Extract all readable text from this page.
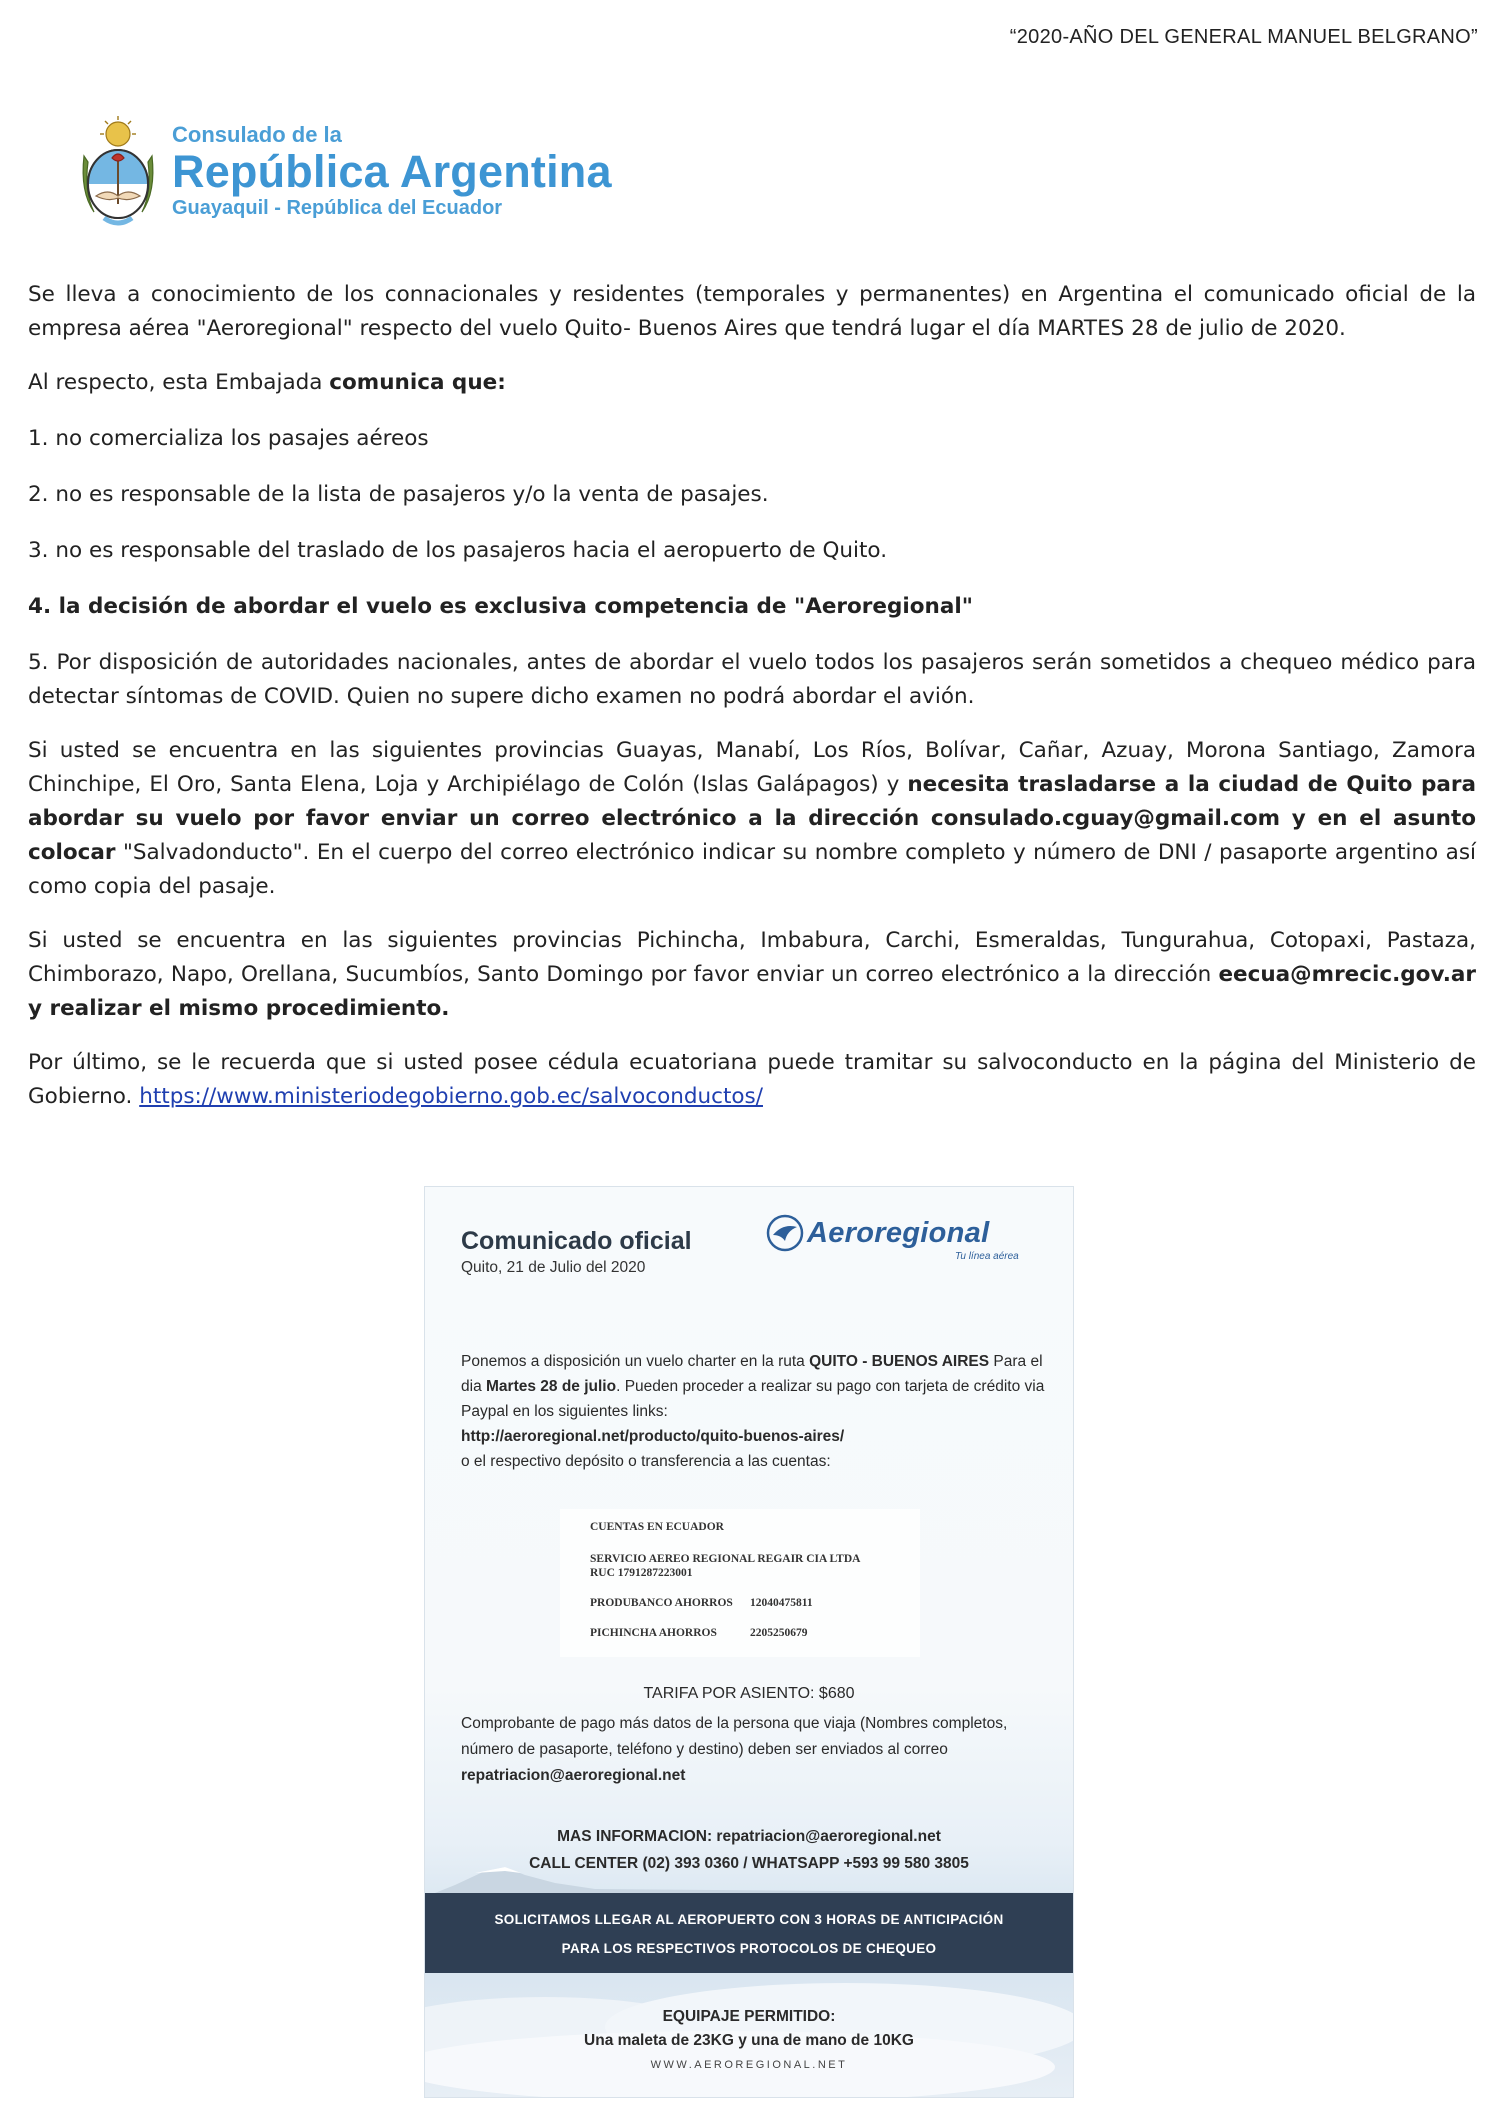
“2020-AÑO DEL GENERAL MANUEL BELGRANO”
Consulado de la
República Argentina
Guayaquil - República del Ecuador

Se lleva a conocimiento de los connacionales y residentes (temporales y permanentes) en Argentina el comunicado oficial de la empresa aérea "Aeroregional" respecto del vuelo Quito- Buenos Aires que tendrá lugar el día MARTES 28 de julio de 2020.

Al respecto, esta Embajada comunica que:

1. no comercializa los pasajes aéreos

2. no es responsable de la lista de pasajeros y/o la venta de pasajes.

3. no es responsable del traslado de los pasajeros hacia el aeropuerto de Quito.

4. la decisión de abordar el vuelo es exclusiva competencia de "Aeroregional"

5. Por disposición de autoridades nacionales, antes de abordar el vuelo todos los pasajeros serán sometidos a chequeo médico para detectar síntomas de COVID. Quien no supere dicho examen no podrá abordar el avión.

Si usted se encuentra en las siguientes provincias Guayas, Manabí, Los Ríos, Bolívar, Cañar, Azuay, Morona Santiago, Zamora Chinchipe, El Oro, Santa Elena, Loja y Archipiélago de Colón (Islas Galápagos) y necesita trasladarse a la ciudad de Quito para abordar su vuelo por favor enviar un correo electrónico a la dirección consulado.cguay@gmail.com y en el asunto colocar "Salvadonducto". En el cuerpo del correo electrónico indicar su nombre completo y número de DNI / pasaporte argentino así como copia del pasaje.

Si usted se encuentra en las siguientes provincias Pichincha, Imbabura, Carchi, Esmeraldas, Tungurahua, Cotopaxi, Pastaza, Chimborazo, Napo, Orellana, Sucumbíos, Santo Domingo por favor enviar un correo electrónico a la dirección eecua@mrecic.gov.ar y realizar el mismo procedimiento.

Por último, se le recuerda que si usted posee cédula ecuatoriana puede tramitar su salvoconducto en la página del Ministerio de Gobierno. https://www.ministeriodegobierno.gob.ec/salvoconductos/

Comunicado oficial
Quito, 21 de Julio del 2020
Aeroregional
Tu línea aérea
Ponemos a disposición un vuelo charter en la ruta QUITO - BUENOS AIRES Para el dia Martes 28 de julio. Pueden proceder a realizar su pago con tarjeta de crédito via Paypal en los siguientes links:
http://aeroregional.net/producto/quito-buenos-aires/
o el respectivo depósito o transferencia a las cuentas:
CUENTAS EN ECUADOR
SERVICIO AEREO REGIONAL REGAIR CIA LTDA
RUC 1791287223001
PRODUBANCO AHORROS 12040475811
PICHINCHA AHORROS	2205250679
TARIFA POR ASIENTO: $680
Comprobante de pago más datos de la persona que viaja (Nombres completos, número de pasaporte, teléfono y destino) deben ser enviados al correo repatriacion@aeroregional.net
MAS INFORMACION: repatriacion@aeroregional.net
CALL CENTER (02) 393 0360 / WHATSAPP +593 99 580 3805
SOLICITAMOS LLEGAR AL AEROPUERTO CON 3 HORAS DE ANTICIPACIÓN
PARA LOS RESPECTIVOS PROTOCOLOS DE CHEQUEO
EQUIPAJE PERMITIDO:
Una maleta de 23KG y una de mano de 10KG
WWW.AEROREGIONAL.NET
